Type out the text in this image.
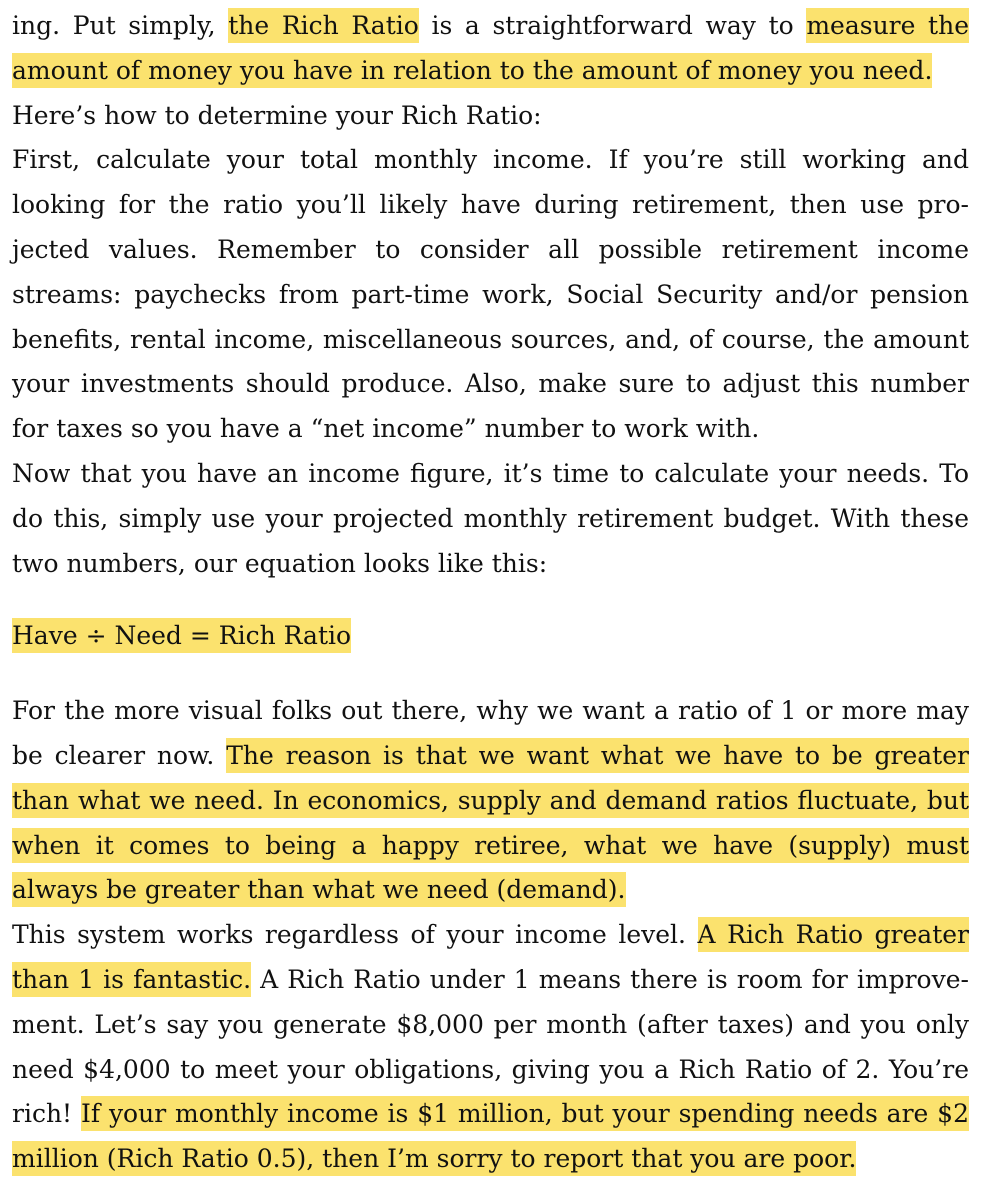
ing. Put simply, the Rich Ratio is a straightforward way to measure the amount of money you have in relation to the amount of money you need.

Here’s how to determine your Rich Ratio:

First, calculate your total monthly income. If you’re still working and looking for the ratio you’ll likely have during retirement, then use projected values. Remember to consider all possible retirement income streams: paychecks from part-time work, Social Security and/or pension benefits, rental income, miscellaneous sources, and, of course, the amount your investments should produce. Also, make sure to adjust this number for taxes so you have a “net income” number to work with.

Now that you have an income figure, it’s time to calculate your needs. To do this, simply use your projected monthly retirement budget. With these two numbers, our equation looks like this:

Have ÷ Need = Rich Ratio

For the more visual folks out there, why we want a ratio of 1 or more may be clearer now. The reason is that we want what we have to be greater than what we need. In economics, supply and demand ratios fluctuate, but when it comes to being a happy retiree, what we have (supply) must always be greater than what we need (demand).

This system works regardless of your income level. A Rich Ratio greater than 1 is fantastic. A Rich Ratio under 1 means there is room for improvement. Let’s say you generate $8,000 per month (after taxes) and you only need $4,000 to meet your obligations, giving you a Rich Ratio of 2. You’re rich! If your monthly income is $1 million, but your spending needs are $2 million (Rich Ratio 0.5), then I’m sorry to report that you are poor.
